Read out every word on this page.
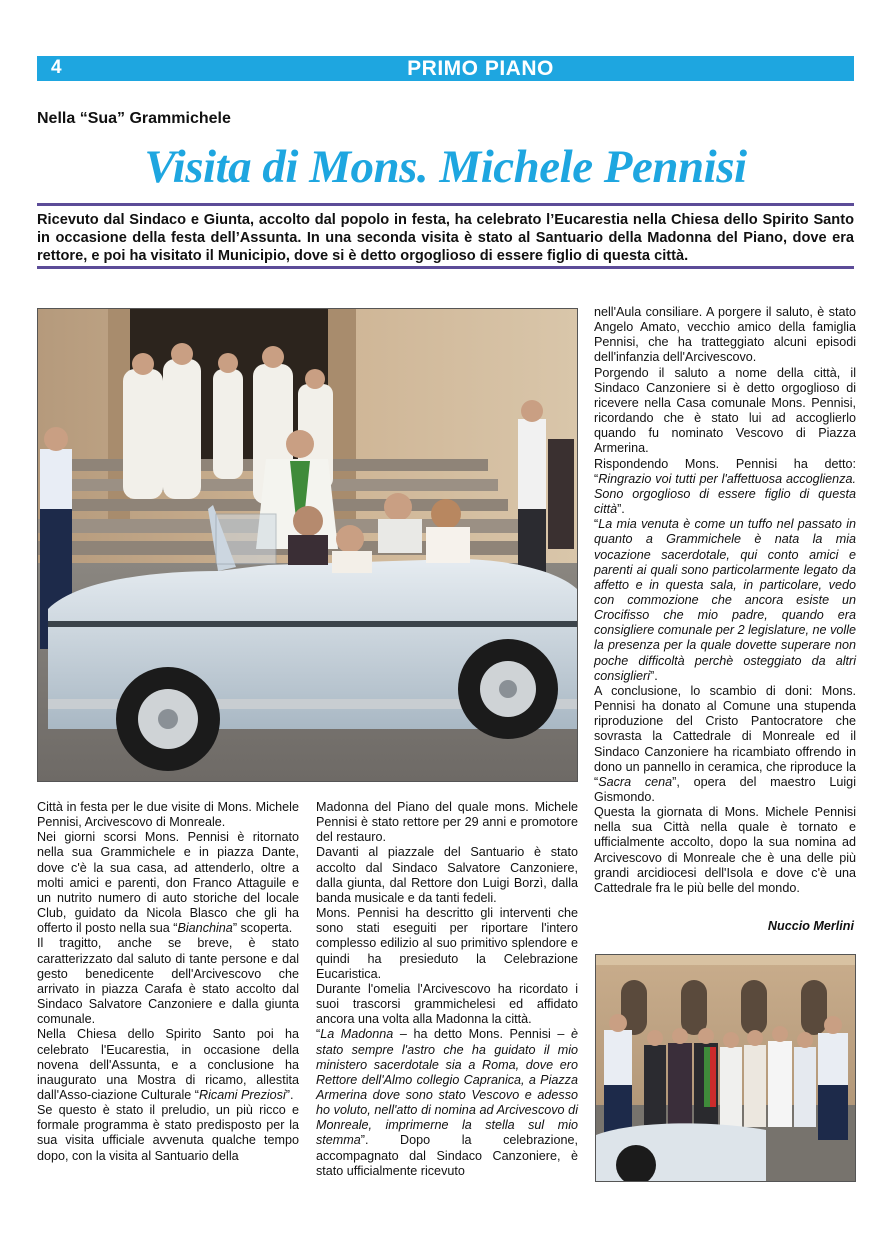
4	PRIMO PIANO
Nella “Sua” Grammichele
Visita di Mons. Michele Pennisi
Ricevuto dal Sindaco e Giunta, accolto dal popolo in festa, ha celebrato l’Eucarestia nella Chiesa dello Spirito Santo in occasione della festa dell’Assunta. In una seconda visita è stato al Santuario della Madonna del Piano, dove era rettore, e poi ha visitato il Municipio, dove si è detto orgoglioso di essere figlio di questa città.

Città in festa per le due visite di Mons. Michele Pennisi, Arcivescovo di Monreale.

Nei giorni scorsi Mons. Pennisi è ritornato nella sua Grammichele e in piazza Dante, dove c'è la sua casa, ad attenderlo, oltre a molti amici e parenti, don Franco Attaguile e un nutrito numero di auto storiche del locale Club, guidato da Nicola Blasco che gli ha offerto il posto nella sua “Bianchina” scoperta.

Il tragitto, anche se breve, è stato caratterizzato dal saluto di tante persone e dal gesto benedicente dell'Arcivescovo che arrivato in piazza Carafa è stato accolto dal Sindaco Salvatore Canzoniere e dalla giunta comunale.

Nella Chiesa dello Spirito Santo poi ha celebrato l'Eucarestia, in occasione della novena dell'Assunta, e a conclusione ha inaugurato una Mostra di ricamo, allestita dall'Asso-ciazione Culturale “Ricami Preziosi”.

Se questo è stato il preludio, un più ricco e formale programma è stato predisposto per la sua visita ufficiale avvenuta qualche tempo dopo, con la visita al Santuario della

Madonna del Piano del quale mons. Michele Pennisi è stato rettore per 29 anni e promotore del restauro.

Davanti al piazzale del Santuario è stato accolto dal Sindaco Salvatore Canzoniere, dalla giunta, dal Rettore don Luigi Borzì, dalla banda musicale e da tanti fedeli.

Mons. Pennisi ha descritto gli interventi che sono stati eseguiti per riportare l'intero complesso edilizio al suo primitivo splendore e quindi ha presieduto la Celebrazione Eucaristica.

Durante l'omelia l'Arcivescovo ha ricordato i suoi trascorsi grammichelesi ed affidato ancora una volta alla Madonna la città.

“La Madonna – ha detto Mons. Pennisi – è stato sempre l'astro che ha guidato il mio ministero sacerdotale sia a Roma, dove ero Rettore dell'Almo collegio Capranica, a Piazza Armerina dove sono stato Vescovo e adesso ho voluto, nell'atto di nomina ad Arcivescovo di Monreale, imprimerne la stella sul mio stemma”. Dopo la celebrazione, accompagnato dal Sindaco Canzoniere, è stato ufficialmente ricevuto

nell'Aula consiliare. A porgere il saluto, è stato Angelo Amato, vecchio amico della famiglia Pennisi, che ha tratteggiato alcuni episodi dell'infanzia dell'Arcivescovo.

Porgendo il saluto a nome della città, il Sindaco Canzoniere si è detto orgoglioso di ricevere nella Casa comunale Mons. Pennisi, ricordando che è stato lui ad accoglierlo quando fu nominato Vescovo di Piazza Armerina.

Rispondendo Mons. Pennisi ha detto: “Ringrazio voi tutti per l'affettuosa accoglienza. Sono orgoglioso di essere figlio di questa città”.

“La mia venuta è come un tuffo nel passato in quanto a Grammichele è nata la mia vocazione sacerdotale, qui conto amici e parenti ai quali sono particolarmente legato da affetto e in questa sala, in particolare, vedo con commozione che ancora esiste un Crocifisso che mio padre, quando era consigliere comunale per 2 legislature, ne volle la presenza per la quale dovette superare non poche difficoltà perchè osteggiato da altri consiglieri”.

A conclusione, lo scambio di doni: Mons. Pennisi ha donato al Comune una stupenda riproduzione del Cristo Pantocratore che sovrasta la Cattedrale di Monreale ed il Sindaco Canzoniere ha ricambiato offrendo in dono un pannello in ceramica, che riproduce la “Sacra cena”, opera del maestro Luigi Gismondo.

Questa la giornata di Mons. Michele Pennisi nella sua Città nella quale è tornato e ufficialmente accolto, dopo la sua nomina ad Arcivescovo di Monreale che è una delle più grandi arcidiocesi dell'Isola e dove c'è una Cattedrale fra le più belle del mondo.

Nuccio Merlini
